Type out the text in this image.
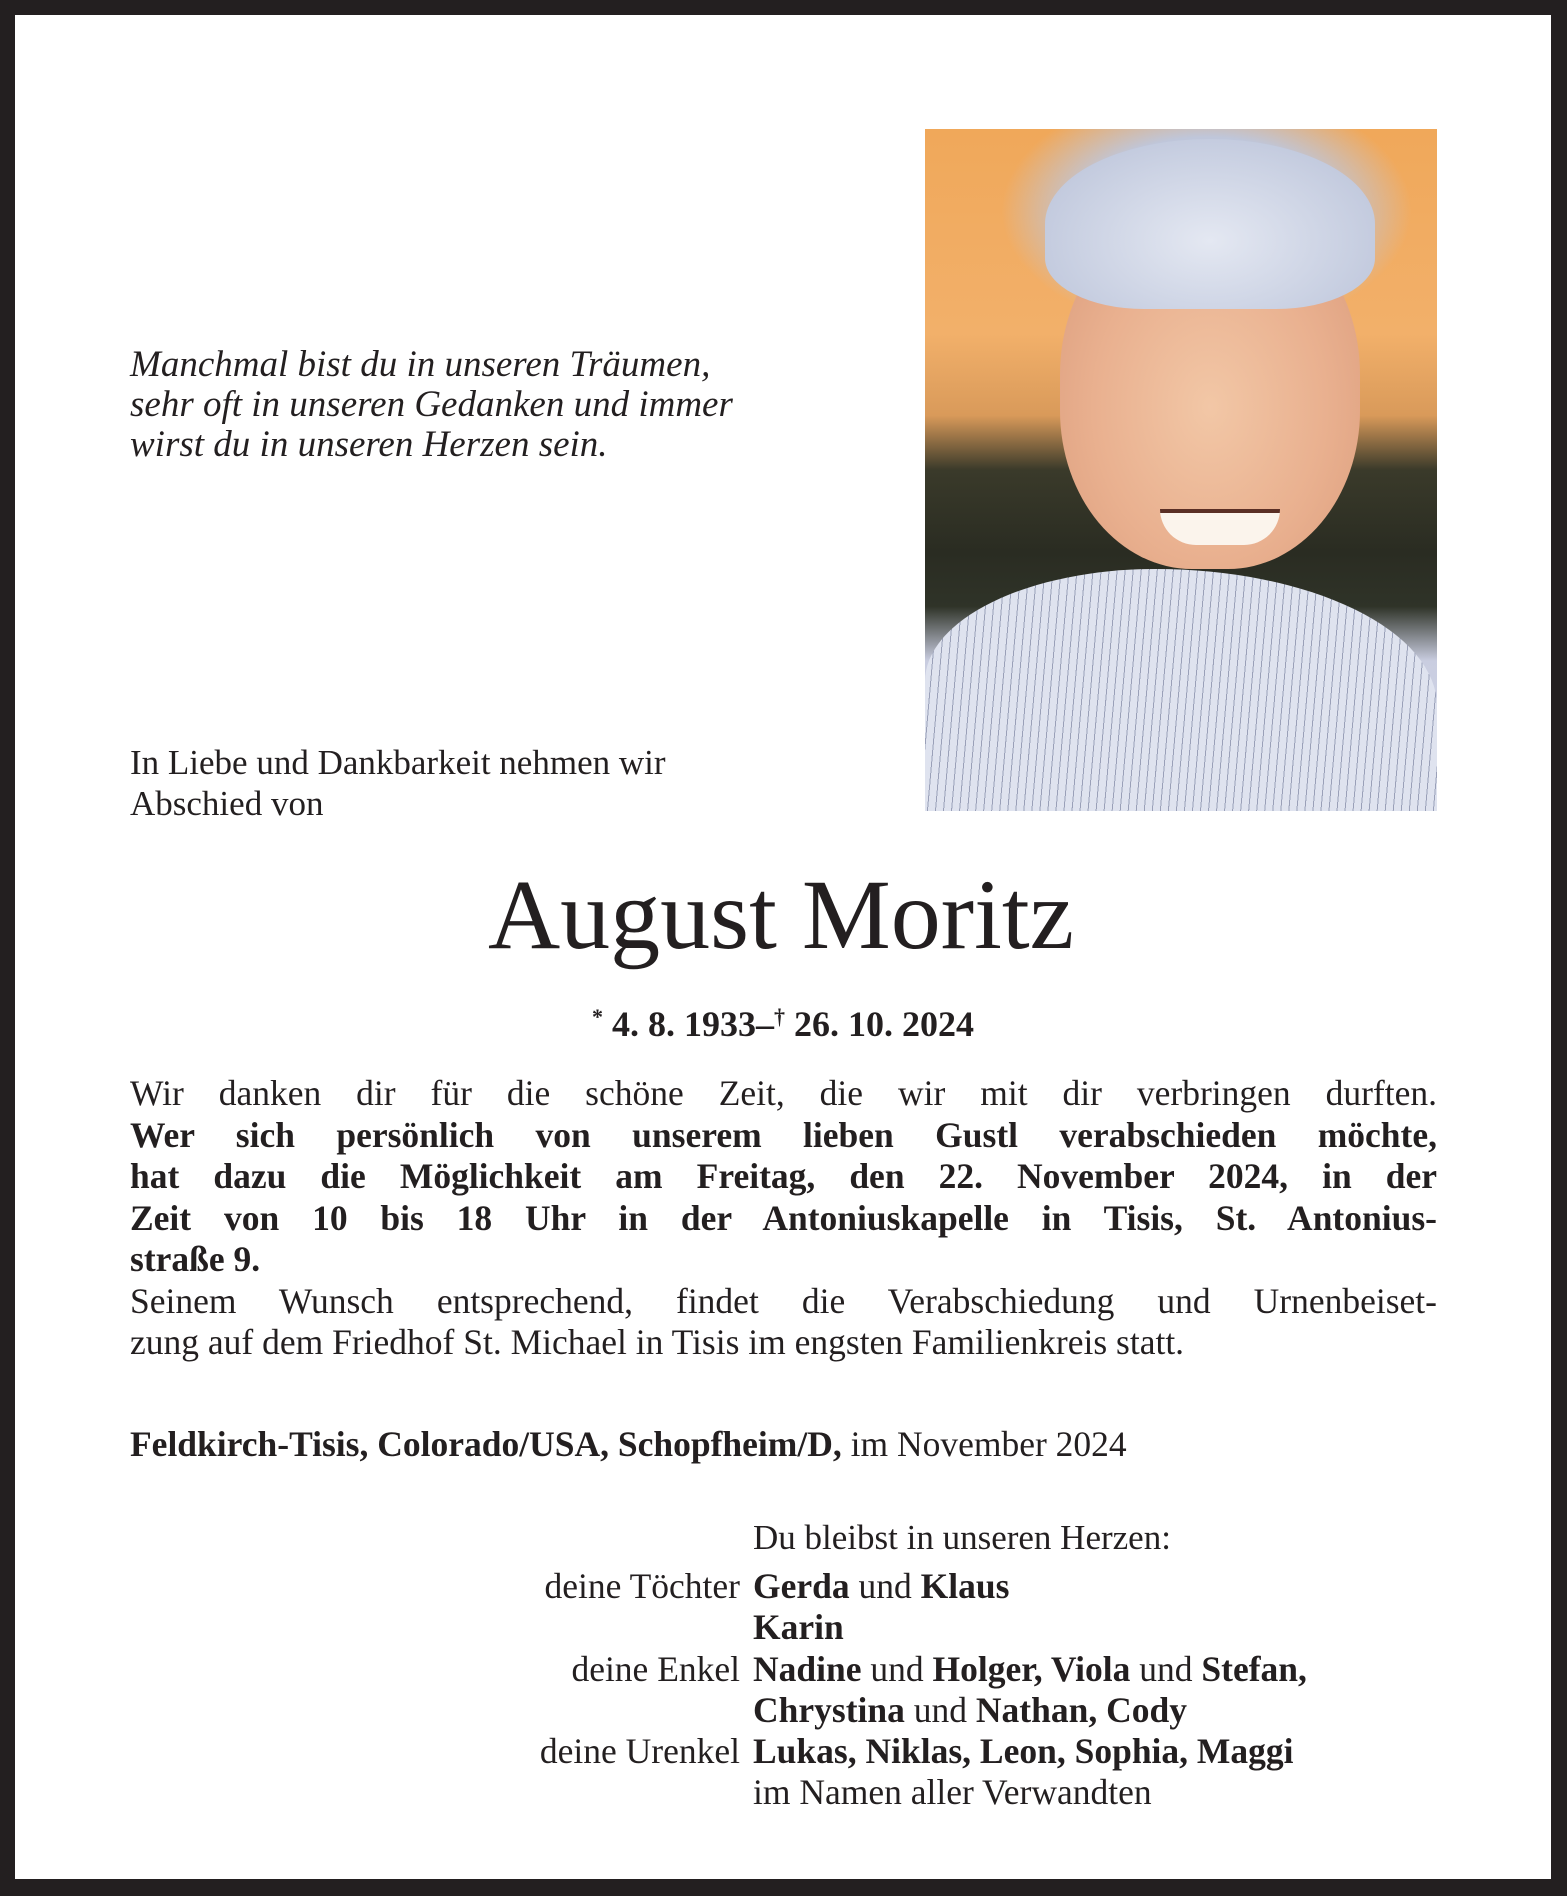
Manchmal bist du in unseren Träumen,
sehr oft in unseren Gedanken und immer
wirst du in unseren Herzen sein.
In Liebe und Dankbarkeit nehmen wir
Abschied von
August Moritz
* 4. 8. 1933–† 26. 10. 2024
Wir danken dir für die schöne Zeit, die wir mit dir verbringen durften.
Wer sich persönlich von unserem lieben Gustl verabschieden möchte,
hat dazu die Möglichkeit am Freitag, den 22. November 2024, in der
Zeit von 10 bis 18 Uhr in der Antoniuskapelle in Tisis, St. Antonius-
straße 9.
Seinem Wunsch entsprechend, findet die Verabschiedung und Urnenbeiset-
zung auf dem Friedhof St. Michael in Tisis im engsten Familienkreis statt.
Feldkirch-Tisis, Colorado/USA, Schopfheim/D, im November 2024
Du bleibst in unseren Herzen:
deine Töchter Gerda und Klaus
Karin
deine Enkel Nadine und Holger, Viola und Stefan,
Chrystina und Nathan, Cody
deine Urenkel Lukas, Niklas, Leon, Sophia, Maggi
im Namen aller Verwandten
